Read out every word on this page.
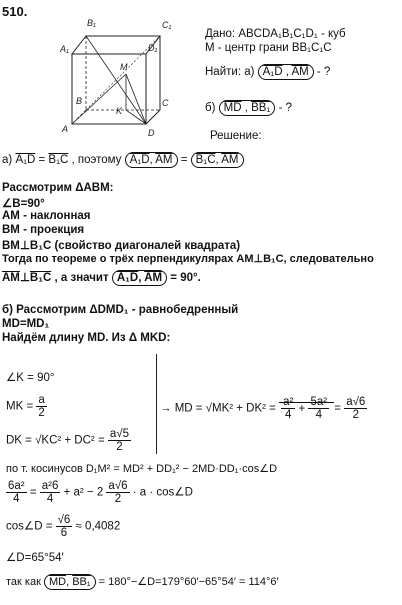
510.
A₁
B₁	C₁
D₁
A
B	C
D
M
K
Дано: ABCDA₁B₁C₁D₁ - куб
М - центр грани BB₁C₁C
Найти: а) A₁D , $\overline{AM}$ - ?
б) $\overline{MD}$ , BB₁ - ?
Решение:
а) A₁D = B₁C , поэтому A₁D, $\overline{AM} = B_1C$, $\overline{AM}$
Рассмотрим ΔABM:
∠B=90°
AM - наклонная
BM - проекция
BM⊥B₁C (свойство диагоналей квадрата)
Тогда по теореме о трёх перпендикулярах AM⊥B₁C, следовательно
$\overline{AM}\perp B_1C$ , а значит A₁D, $\overline{AM} = 90^\circ$.
б) Рассмотрим ΔDMD₁ - равнобедренный
MD=MD₁
Найдём длину MD. Из Δ MKD:
∠K = 90°
MK = $\frac{a}{2}$
DK = $√KC^2 + DC^2 = \frac{a√5}{2}$
→ MD = $√MK^2 + DK^2 = \frac{\text{a²}}{4} + \frac{\text{5a²}}{4} = \frac{a√6}{2}$
по т. косинусов D₁M² = MD² + DD₁² − 2MD·DD₁·cos∠D
$\frac{\text{6a²}}{4} = \frac{\text{a²6}}{4} + a^2 - 2 \frac{a√6}{2} \cdot a$ · cos∠D
cos∠D = $\frac{√6}{6} \approx 0,4082$
∠D=65°54′
так как $\overline{MD}$, BB₁ = 180°−∠D=179°60′−65°54′ = 114°6′
